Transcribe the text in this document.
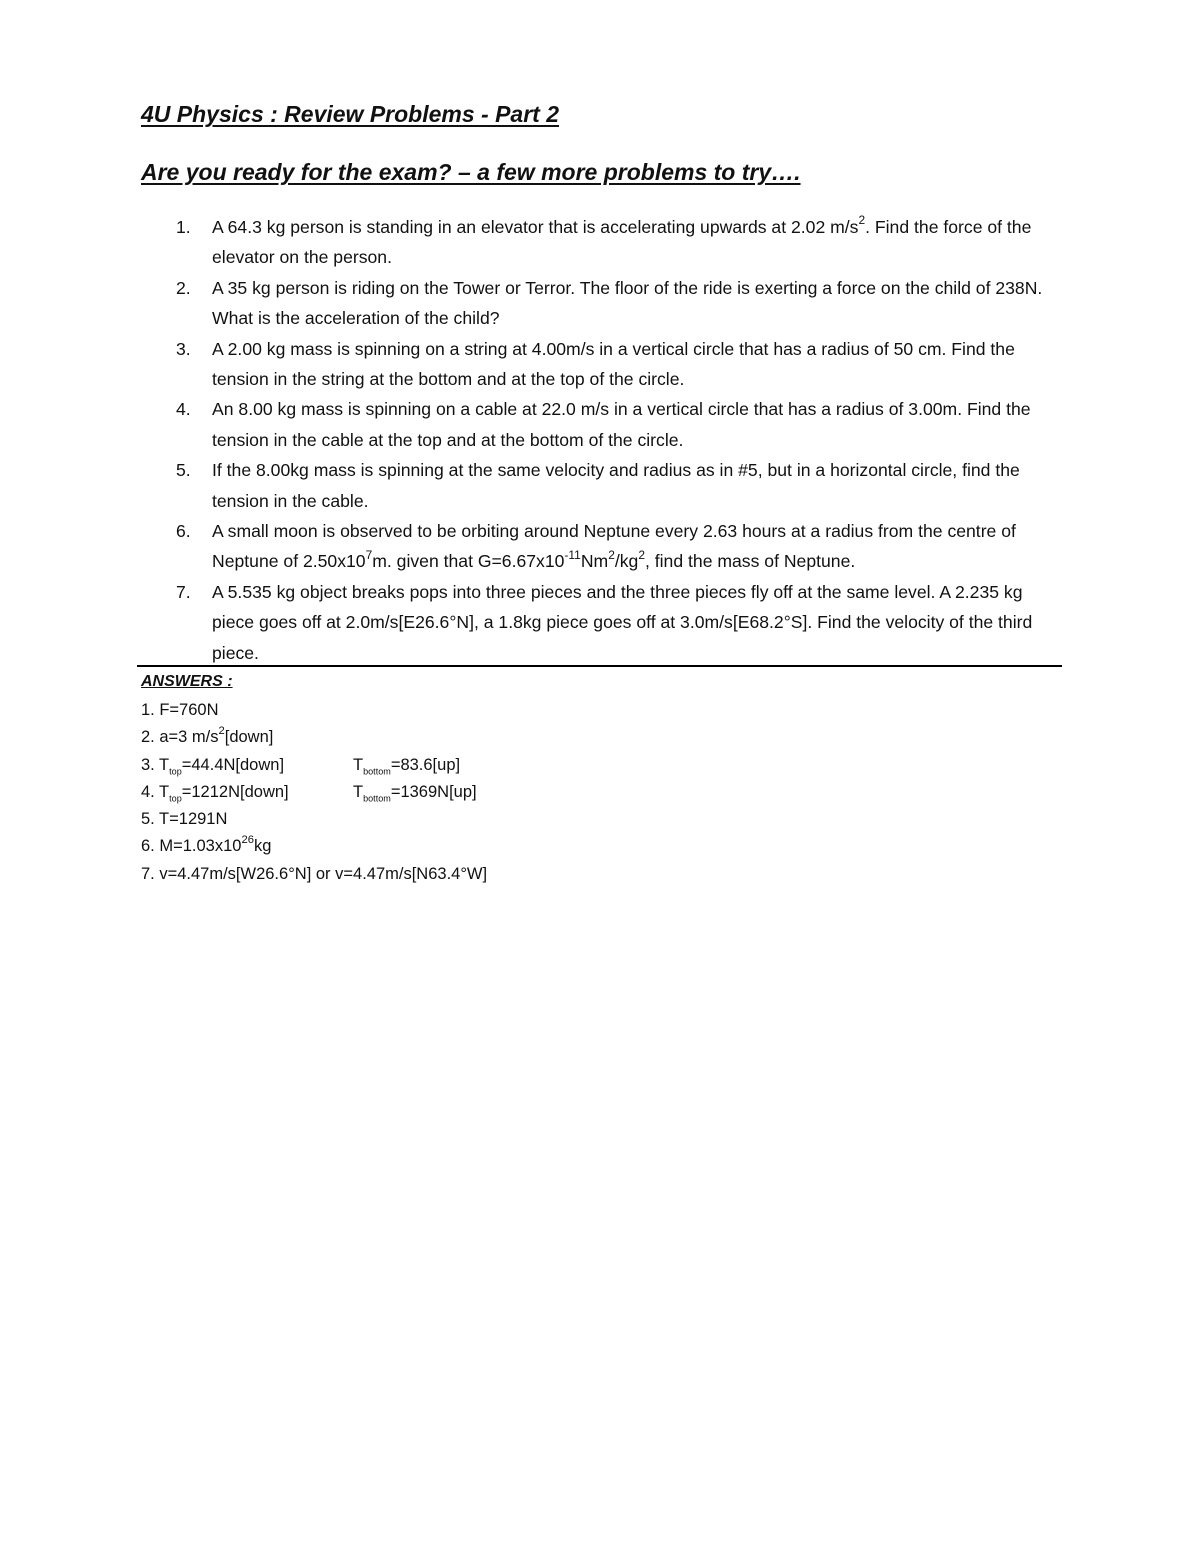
4U Physics : Review Problems - Part 2
Are you ready for the exam? – a few more problems to try….
1. A 64.3 kg person is standing in an elevator that is accelerating upwards at 2.02 $m/s^2$. Find the force of the elevator on the person.
2. A 35 kg person is riding on the Tower or Terror. The floor of the ride is exerting a force on the child of 238N. What is the acceleration of the child?
3. A 2.00 kg mass is spinning on a string at 4.00m/s in a vertical circle that has a radius of 50 cm. Find the tension in the string at the bottom and at the top of the circle.
4. An 8.00 kg mass is spinning on a cable at 22.0 m/s in a vertical circle that has a radius of 3.00m. Find the tension in the cable at the top and at the bottom of the circle.
5. If the 8.00kg mass is spinning at the same velocity and radius as in #5, but in a horizontal circle, find the tension in the cable.
6. A small moon is observed to be orbiting around Neptune every 2.63 hours at a radius from the centre of Neptune of $2.50x10^7m$. given that $G=6.67x10^{-11}Nm^2/kg^2$, find the mass of Neptune.
7. A 5.535 kg object breaks pops into three pieces and the three pieces fly off at the same level. A 2.235 kg piece goes off at 2.0m/s[E26.6°N], a 1.8kg piece goes off at 3.0m/s[E68.2°S]. Find the velocity of the third piece.
ANSWERS :
1. F=760N
2. a=3 $m/s^2[down]$
3. $T_{top}=44.4N[down]$	$T_{bottom}=83.6[up]$
4. $T_{top}=1212N[down]$	$T_{bottom}=1369N[up]$
5. T=1291N
6. $M=1.03x10^{26}kg$
7. v=4.47m/s[W26.6°N] or v=4.47m/s[N63.4°W]
